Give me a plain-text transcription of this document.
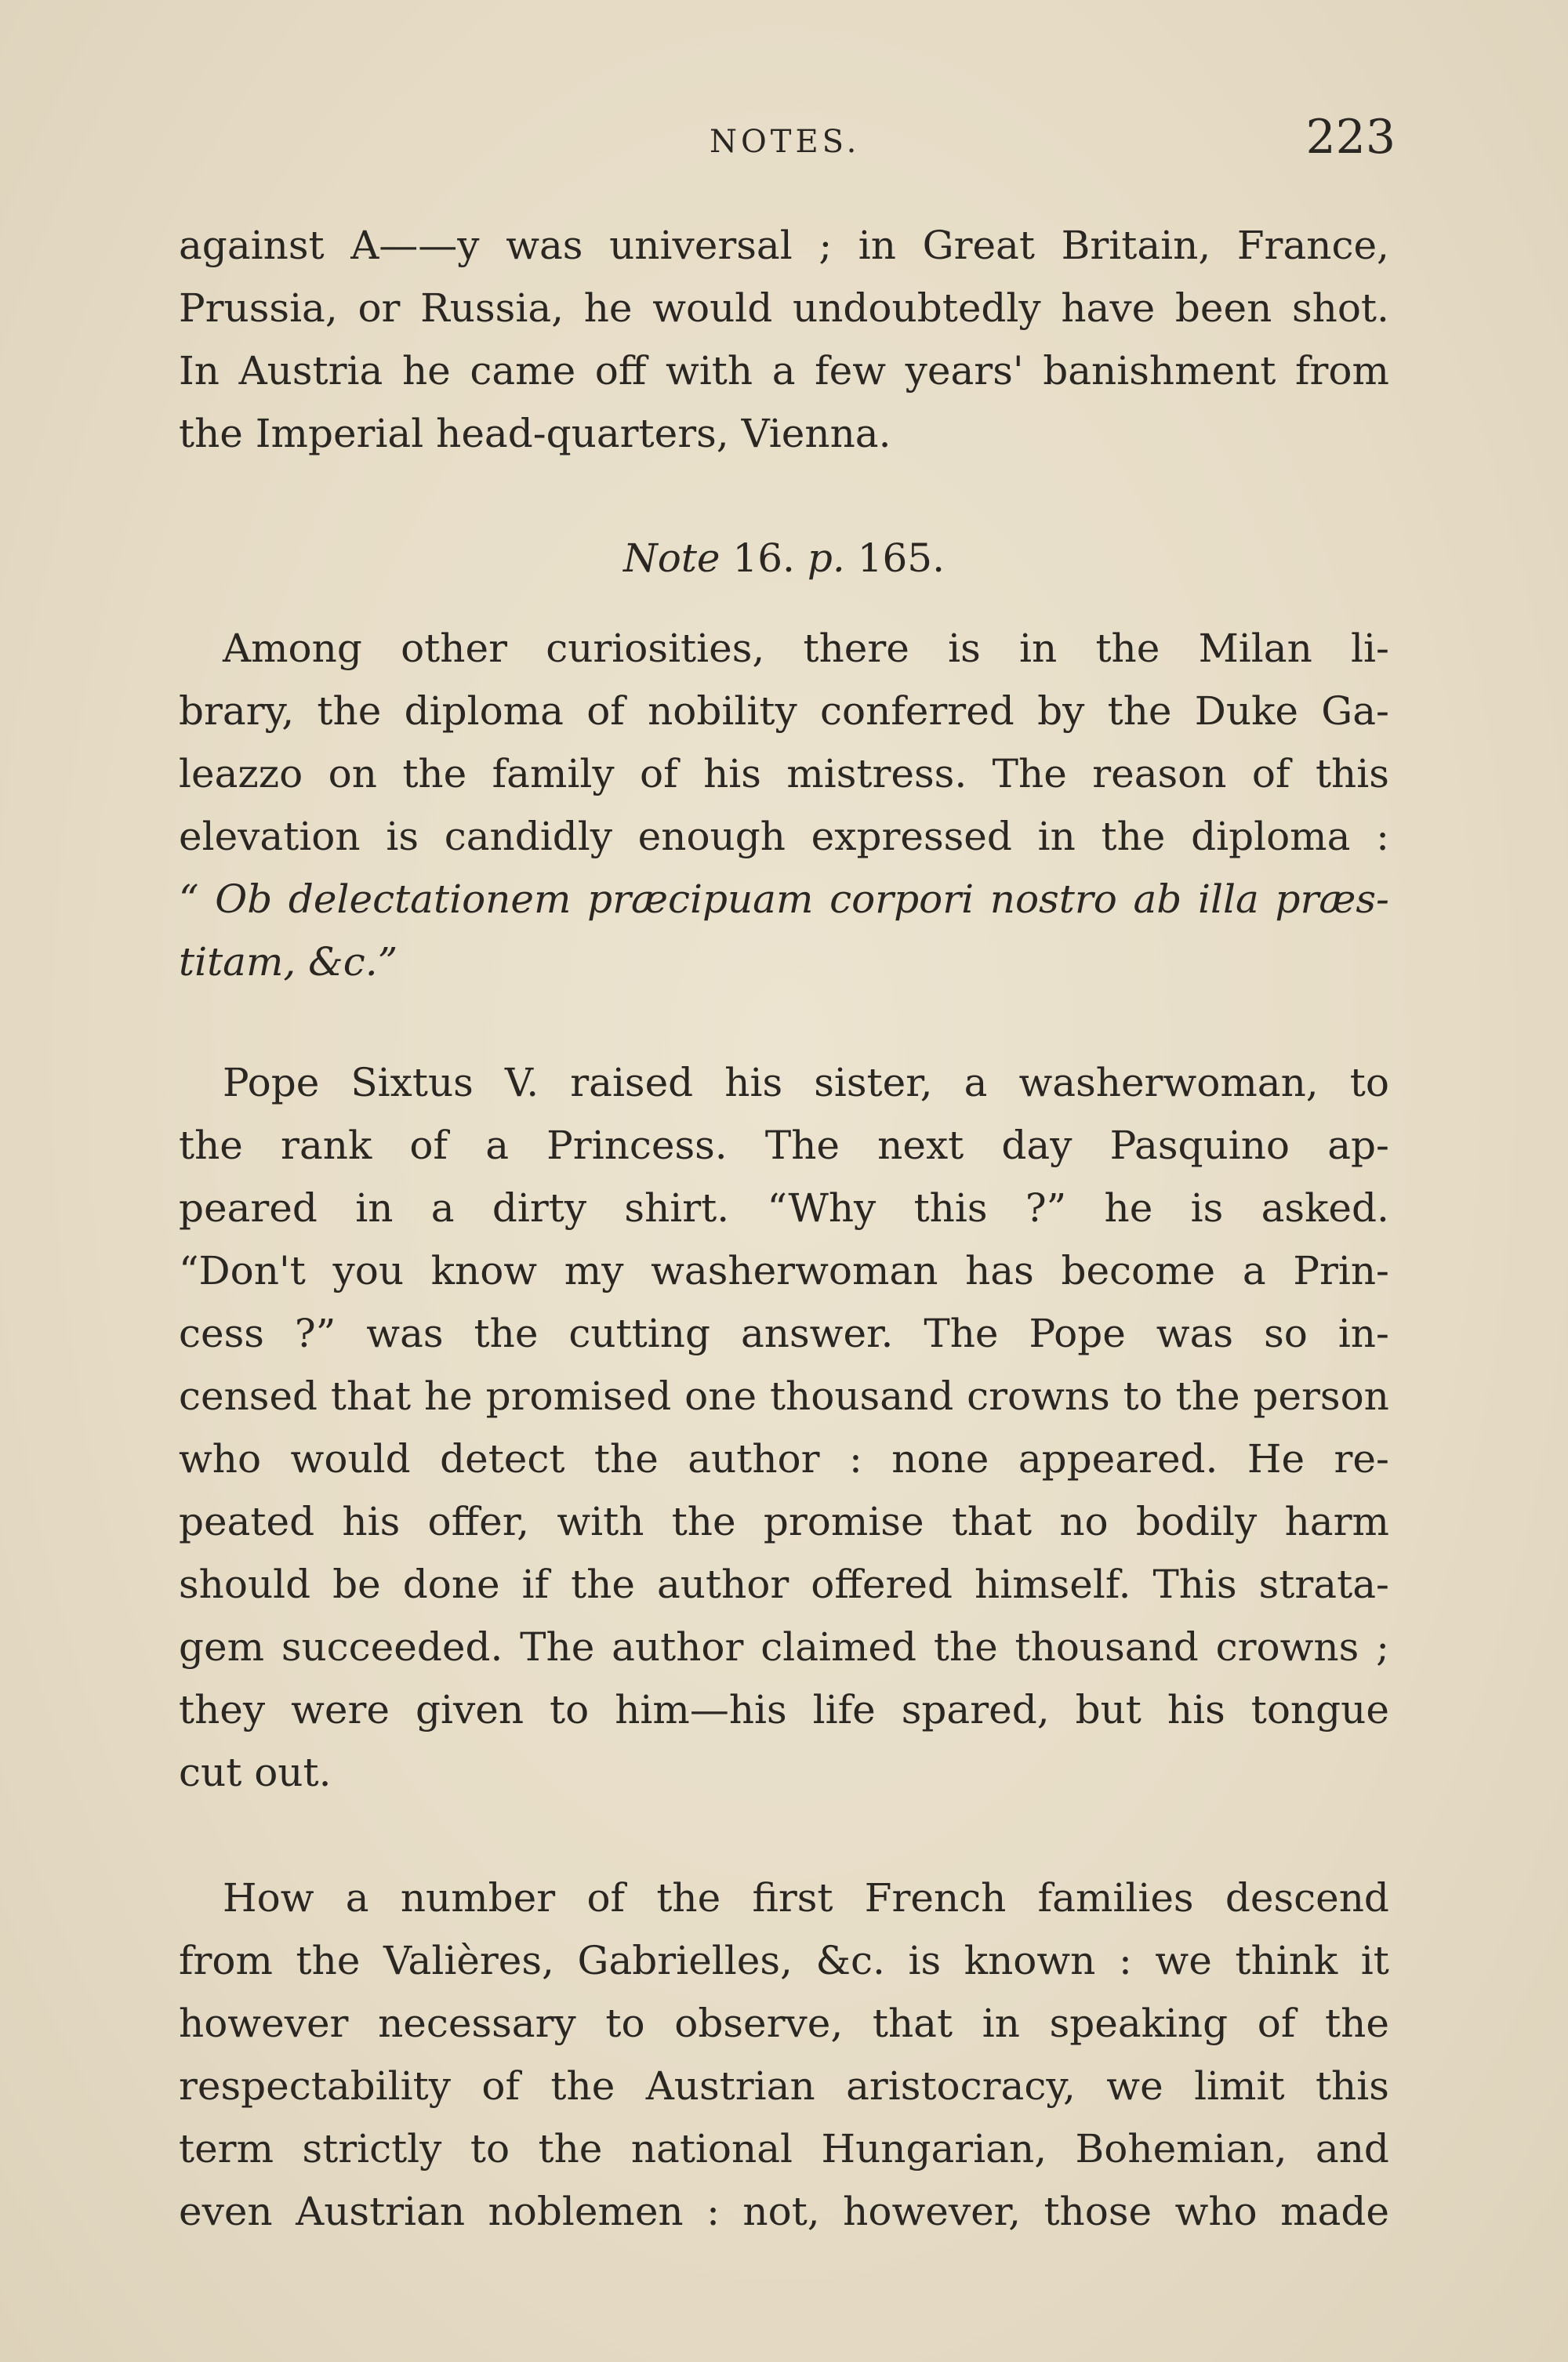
NOTES.	223
against A——y was universal ; in Great Britain, France,
Prussia, or Russia, he would undoubtedly have been shot.
In Austria he came off with a few years' banishment from
the Imperial head-quarters, Vienna.
Note 16. p. 165.
Among other curiosities, there is in the Milan li-
brary, the diploma of nobility conferred by the Duke Ga-
leazzo on the family of his mistress. The reason of this
elevation is candidly enough expressed in the diploma :
“ Ob delectationem præcipuam corpori nostro ab illa præs-
titam, &c.”
Pope Sixtus V. raised his sister, a washerwoman, to
the rank of a Princess. The next day Pasquino ap-
peared in a dirty shirt. “Why this ?” he is asked.
“Don't you know my washerwoman has become a Prin-
cess ?” was the cutting answer. The Pope was so in-
censed that he promised one thousand crowns to the person
who would detect the author : none appeared. He re-
peated his offer, with the promise that no bodily harm
should be done if the author offered himself. This strata-
gem succeeded. The author claimed the thousand crowns ;
they were given to him—his life spared, but his tongue
cut out.
How a number of the first French families descend
from the Valières, Gabrielles, &c. is known : we think it
however necessary to observe, that in speaking of the
respectability of the Austrian aristocracy, we limit this
term strictly to the national Hungarian, Bohemian, and
even Austrian noblemen : not, however, those who made
